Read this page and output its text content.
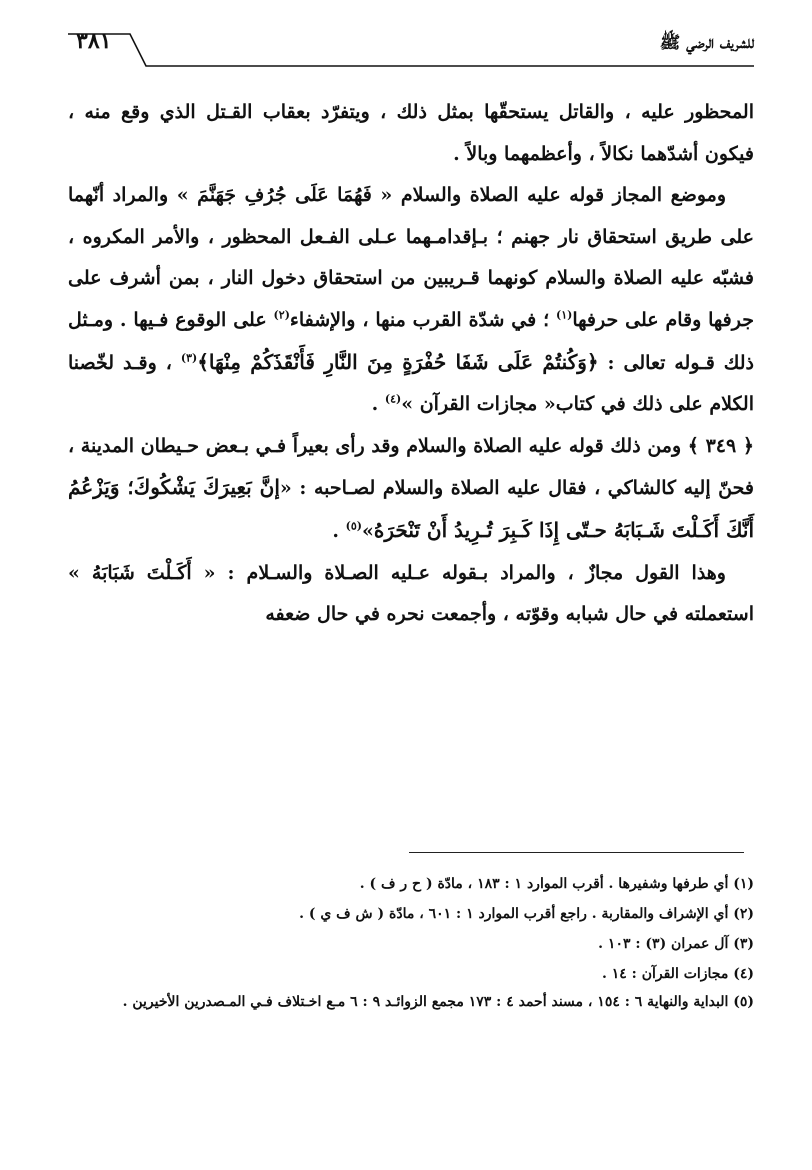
للشريف الرضي ﷺ
٣٨١

المحظور عليه ، والقاتل يستحقّها بمثل ذلك ، ويتفرّد بعقاب القـتل الذي وقع منه ، فيكون أشدّهما نكالاً ، وأعظمهما وبالاً .

وموضع المجاز قوله عليه الصلاة والسلام « فَهُمَا عَلَى جُرُفِ جَهَنَّمَ » والمراد أنّهما على طريق استحقاق نار جهنم ؛ بـإقدامـهما عـلى الفـعل المحظور ، والأمر المكروه ، فشبّه عليه الصلاة والسلام كونهما قـريبين من استحقاق دخول النار ، بمن أشرف على جرفها وقام على حرفها$^{(١)}$ ؛ في شدّة القرب منها ، والإشفاء$^{(٢)}$ على الوقوع فـيها . ومـثل ذلك قـوله تعالى : ﴿وَكُنتُمْ عَلَى شَفَا حُفْرَةٍ مِنَ النَّارِ فَأَنْقَذَكُمْ مِنْهَا﴾$^{(٣)}$ ، وقـد لخّصنا الكلام على ذلك في كتاب« مجازات القرآن »$^{(٤)}$ .

﴿ ٣٤٩ ﴾ ومن ذلك قوله عليه الصلاة والسلام وقد رأى بعيراً فـي بـعض حـيطان المدينة ، فحنّ إليه كالشاكي ، فقال عليه الصلاة والسلام لصـاحبه : «إنَّ بَعِيرَكَ يَشْكُوكَ؛ وَيَزْعُمُ أَنَّكَ أَكَـلْتَ شَـبَابَهُ حـتّى إِذَا كَـبِرَ تُـرِيدُ أَنْ تَنْحَرَهُ»$^{(٥)}$ .

وهذا القول مجازٌ ، والمراد بـقوله عـليه الصـلاة والسـلام : « أَكَـلْتَ شَبَابَهُ » استعملته في حال شبابه وقوّته ، وأجمعت نحره في حال ضعفه

(١) أي طرفها وشفيرها . أقرب الموارد ١ : ١٨٣ ، مادّة ( ح ر ف ) .

(٢) أي الإشراف والمقاربة . راجع أقرب الموارد ١ : ٦٠١ ، مادّة ( ش ف ي ) .

(٣) آل عمران (٣) : ١٠٣ .

(٤) مجازات القرآن : ١٤ .

(٥) البداية والنهاية ٦ : ١٥٤ ، مسند أحمد ٤ : ١٧٣ مجمع الزوائـد ٩ : ٦ مـع اخـتلاف فـي المـصدرين الأخيرين .
